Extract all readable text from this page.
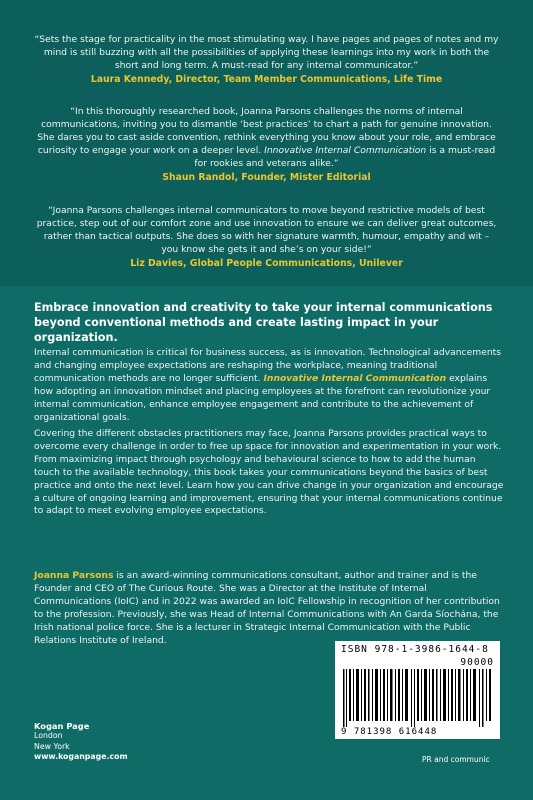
“Sets the stage for practicality in the most stimulating way. I have pages and pages of notes and my mind is still buzzing with all the possibilities of applying these learnings into my work in both the short and long term. A must-read for any internal communicator.”
Laura Kennedy, Director, Team Member Communications, Life Time
“In this thoroughly researched book, Joanna Parsons challenges the norms of internal communications, inviting you to dismantle ‘best practices’ to chart a path for genuine innovation. She dares you to cast aside convention, rethink everything you know about your role, and embrace curiosity to engage your work on a deeper level. Innovative Internal Communication is a must-read for rookies and veterans alike.”
Shaun Randol, Founder, Mister Editorial
“Joanna Parsons challenges internal communicators to move beyond restrictive models of best practice, step out of our comfort zone and use innovation to ensure we can deliver great outcomes, rather than tactical outputs. She does so with her signature warmth, humour, empathy and wit – you know she gets it and she’s on your side!”
Liz Davies, Global People Communications, Unilever
Embrace innovation and creativity to take your internal communications beyond conventional methods and create lasting impact in your organization.
Internal communication is critical for business success, as is innovation. Technological advancements and changing employee expectations are reshaping the workplace, meaning traditional communication methods are no longer sufficient. Innovative Internal Communication explains how adopting an innovation mindset and placing employees at the forefront can revolutionize your internal communication, enhance employee engagement and contribute to the achievement of organizational goals.
Covering the different obstacles practitioners may face, Joanna Parsons provides practical ways to overcome every challenge in order to free up space for innovation and experimentation in your work. From maximizing impact through psychology and behavioural science to how to add the human touch to the available technology, this book takes your communications beyond the basics of best practice and onto the next level. Learn how you can drive change in your organization and encourage a culture of ongoing learning and improvement, ensuring that your internal communications continue to adapt to meet evolving employee expectations.
Joanna Parsons is an award-winning communications consultant, author and trainer and is the Founder and CEO of The Curious Route. She was a Director at the Institute of Internal Communications (IoIC) and in 2022 was awarded an IoIC Fellowship in recognition of her contribution to the profession. Previously, she was Head of Internal Communications with An Garda Síochána, the Irish national police force. She is a lecturer in Strategic Internal Communication with the Public Relations Institute of Ireland.
Kogan Page
London
New York
www.koganpage.com
ISBN 978-1-3986-1644-8
90000
9 781398 616448
PR and communic
